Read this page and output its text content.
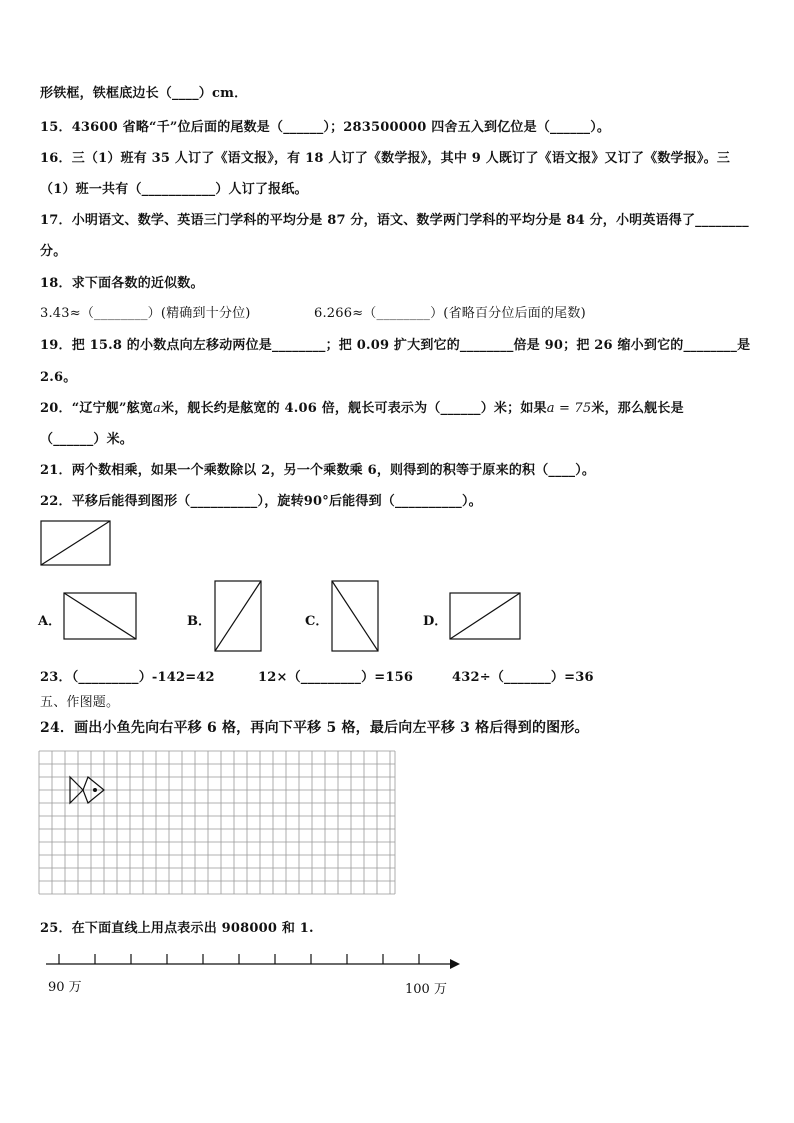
形铁框，铁框底边长（____）cm．
15．43600 省略“千”位后面的尾数是（______）；283500000 四舍五入到亿位是（______）。
16．三（1）班有 35 人订了《语文报》，有 18 人订了《数学报》，其中 9 人既订了《语文报》又订了《数学报》。三
（1）班一共有（___________）人订了报纸。
17．小明语文、数学、英语三门学科的平均分是 87 分，语文、数学两门学科的平均分是 84 分，小明英语得了________
分。
18．求下面各数的近似数。
3.43≈（________）(精确到十分位)	6.266≈（________）(省略百分位后面的尾数)
19．把 15.8 的小数点向左移动两位是________；把 0.09 扩大到它的________倍是 90；把 26 缩小到它的________是
2.6。
20．“辽宁舰”舷宽a米，舰长约是舷宽的 4.06 倍，舰长可表示为（______）米；如果a = 75米，那么舰长是
（______）米。
21．两个数相乘，如果一个乘数除以 2，另一个乘数乘 6，则得到的积等于原来的积（____）。
22．平移后能得到图形（__________），旋转90°后能得到（__________）。
A．	B．	C．	D．
23．（_________）-142=42	12×（_________）=156	432÷（_______）=36
五、作图题。
24．画出小鱼先向右平移 6 格，再向下平移 5 格，最后向左平移 3 格后得到的图形。
25．在下面直线上用点表示出 908000 和 1.
90 万	100 万
